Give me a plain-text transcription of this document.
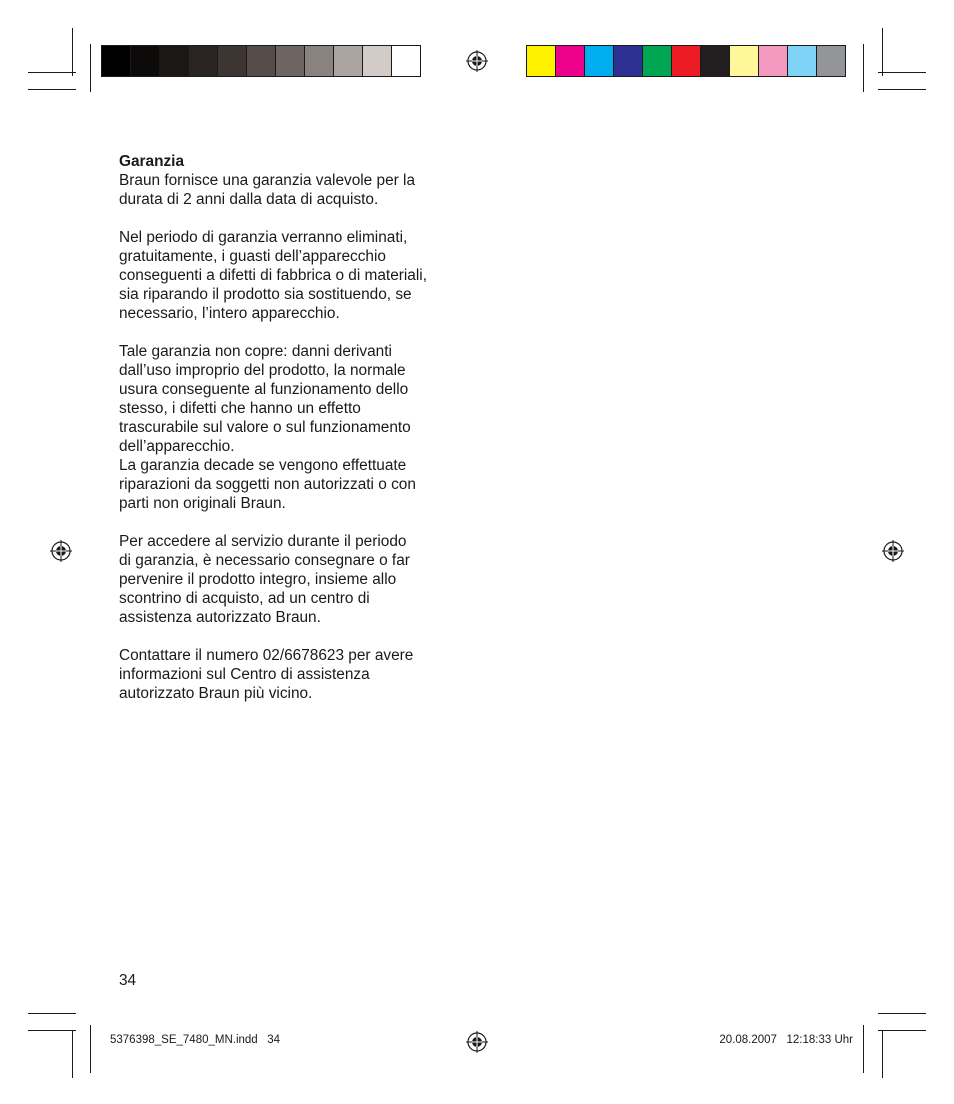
Garanzia

Braun fornisce una garanzia valevole per la
durata di 2 anni dalla data di acquisto.

Nel periodo di garanzia verranno eliminati,
gratuitamente, i guasti dell’apparecchio
conseguenti a difetti di fabbrica o di materiali,
sia riparando il prodotto sia sostituendo, se
necessario, l’intero apparecchio.

Tale garanzia non copre: danni derivanti
dall’uso improprio del prodotto, la normale
usura conseguente al funzionamento dello
stesso, i difetti che hanno un effetto
trascurabile sul valore o sul funzionamento
dell’apparecchio.
La garanzia decade se vengono effettuate
riparazioni da soggetti non autorizzati o con
parti non originali Braun.

Per accedere al servizio durante il periodo
di garanzia, è necessario consegnare o far
pervenire il prodotto integro, insieme allo
scontrino di acquisto, ad un centro di
assistenza autorizzato Braun.

Contattare il numero 02/6678623 per avere
informazioni sul Centro di assistenza
autorizzato Braun più vicino.

34
5376398_SE_7480_MN.indd   34	20.08.2007   12:18:33 Uhr
